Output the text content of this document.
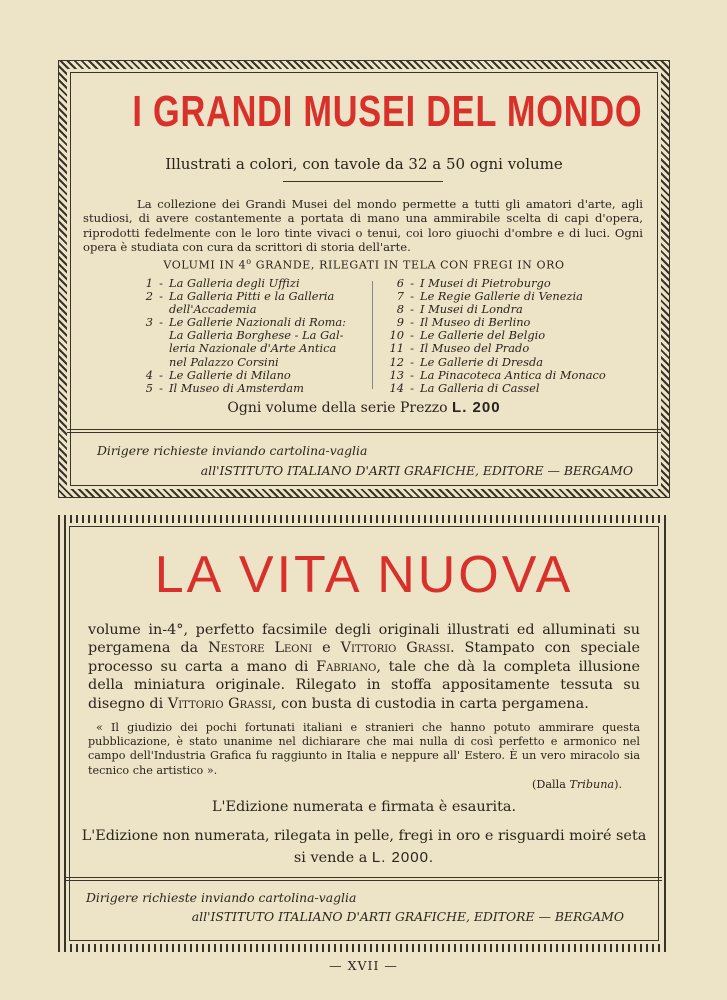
I GRANDI MUSEI DEL MONDO
Illustrati a colori, con tavole da 32 a 50 ogni volume
La collezione dei Grandi Musei del mondo permette a tutti gli amatori d'arte, agli studiosi, di avere costantemente a portata di mano una ammirabile scelta di capi d'opera, riprodotti fedelmente con le loro tinte vivaci o tenui, coi loro giuochi d'ombre e di luci. Ogni opera è studiata con cura da scrittori di storia dell'arte.
VOLUMI IN 4$^o$ GRANDE, RILEGATI IN TELA CON FREGI IN ORO
1 - La Galleria degli Uffizi
2 - La Galleria Pitti e la Galleria
dell'Accademia
3 - Le Gallerie Nazionali di Roma:
La Galleria Borghese - La Gal-
leria Nazionale d'Arte Antica
nel Palazzo Corsini
4 - Le Gallerie di Milano
5 - Il Museo di Amsterdam
6 - I Musei di Pietroburgo
7 - Le Regie Gallerie di Venezia
8 - I Musei di Londra
9 - Il Museo di Berlino
10 - Le Gallerie del Belgio
11 - Il Museo del Prado
12 - Le Gallerie di Dresda
13 - La Pinacoteca Antica di Monaco
14 - La Galleria di Cassel
Ogni volume della serie Prezzo L. 200
Dirigere richieste inviando cartolina-vaglia
all'ISTITUTO ITALIANO D'ARTI GRAFICHE, EDITORE — BERGAMO
LA VITA NUOVA
volume in-4°, perfetto facsimile degli originali illustrati ed alluminati su pergamena da Nestore Leoni e Vittorio Grassi. Stampato con speciale processo su carta a mano di Fabriano, tale che dà la completa illusione della miniatura originale. Rilegato in stoffa appositamente tessuta su disegno di Vittorio Grassi, con busta di custodia in carta pergamena.
« Il giudizio dei pochi fortunati italiani e stranieri che hanno potuto ammirare questa pubblicazione, è stato unanime nel dichiarare che mai nulla di così perfetto e armonico nel campo dell'Industria Grafica fu raggiunto in Italia e neppure all' Estero. È un vero miracolo sia tecnico che artistico ».
(Dalla Tribuna).
L'Edizione numerata e firmata è esaurita.
L'Edizione non numerata, rilegata in pelle, fregi in oro e risguardi moiré seta si vende a L. 2000.
Dirigere richieste inviando cartolina-vaglia
all'ISTITUTO ITALIANO D'ARTI GRAFICHE, EDITORE — BERGAMO
— XVII —
